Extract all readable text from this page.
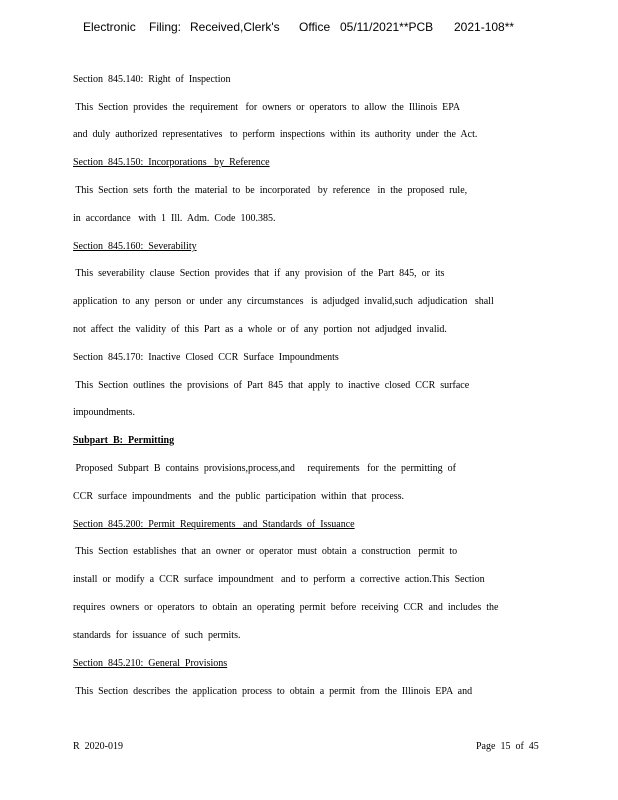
Electronic Filing: Received,Clerk's Office 05/11/2021**PCB 2021-108**
Section  845.140:  Right  of  Inspection
This  Section  provides  the  requirement   for  owners  or  operators  to  allow  the  Illinois  EPA
and  duly  authorized  representatives   to  perform  inspections  within  its  authority  under  the  Act.
Section  845.150:  Incorporations   by  Reference
This  Section  sets  forth  the  material  to  be  incorporated   by  reference   in  the  proposed  rule,
in  accordance   with  1  Ill.  Adm.  Code  100.385.
Section  845.160:  Severability
This  severability  clause  Section  provides  that  if  any  provision  of  the  Part  845,  or  its
application  to  any  person  or  under  any  circumstances   is  adjudged  invalid,such  adjudication   shall
not  affect  the  validity  of  this  Part  as  a  whole  or  of  any  portion  not  adjudged  invalid.
Section  845.170:  Inactive  Closed  CCR  Surface  Impoundments
This  Section  outlines  the  provisions  of  Part  845  that  apply  to  inactive  closed  CCR  surface
impoundments.
Subpart  B:  Permitting
Proposed  Subpart  B  contains  provisions,process,and     requirements   for  the  permitting  of
CCR  surface  impoundments   and  the  public  participation  within  that  process.
Section  845.200:  Permit  Requirements   and  Standards  of  Issuance
This  Section  establishes  that  an  owner  or  operator  must  obtain  a  construction   permit  to
install  or  modify  a  CCR  surface  impoundment   and  to  perform  a  corrective  action.This  Section
requires  owners  or  operators  to  obtain  an  operating  permit  before  receiving  CCR  and  includes  the
standards  for  issuance  of  such  permits.
Section  845.210:  General  Provisions
This  Section  describes  the  application  process  to  obtain  a  permit  from  the  Illinois  EPA  and
R  2020-019	Page  15  of  45
